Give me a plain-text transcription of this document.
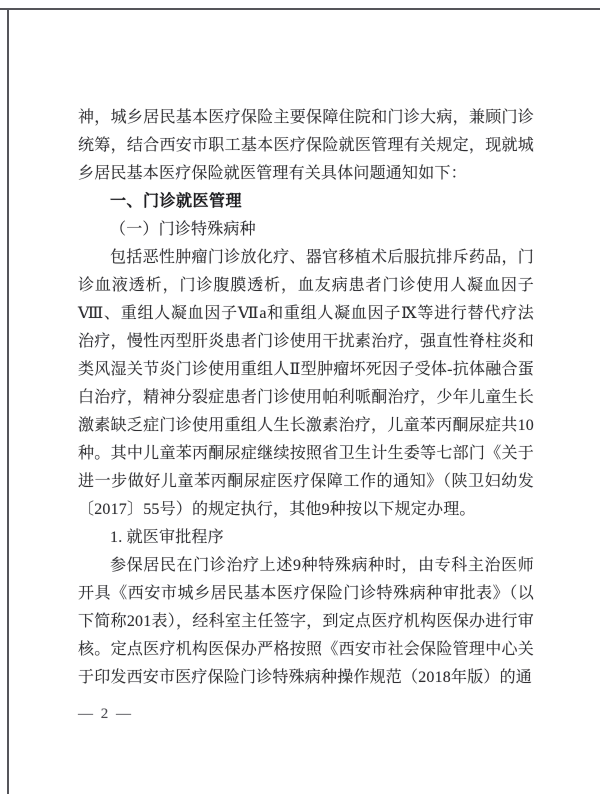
神，城乡居民基本医疗保险主要保障住院和门诊大病，兼顾门诊统筹，结合西安市职工基本医疗保险就医管理有关规定，现就城乡居民基本医疗保险就医管理有关具体问题通知如下：

一、门诊就医管理

（一）门诊特殊病种

包括恶性肿瘤门诊放化疗、器官移植术后服抗排斥药品，门诊血液透析，门诊腹膜透析，血友病患者门诊使用人凝血因子Ⅷ、重组人凝血因子Ⅶa和重组人凝血因子Ⅸ等进行替代疗法治疗，慢性丙型肝炎患者门诊使用干扰素治疗，强直性脊柱炎和类风湿关节炎门诊使用重组人Ⅱ型肿瘤坏死因子受体-抗体融合蛋白治疗，精神分裂症患者门诊使用帕利哌酮治疗，少年儿童生长激素缺乏症门诊使用重组人生长激素治疗，儿童苯丙酮尿症共10种。其中儿童苯丙酮尿症继续按照省卫生计生委等七部门《关于进一步做好儿童苯丙酮尿症医疗保障工作的通知》（陕卫妇幼发〔2017〕55号）的规定执行，其他9种按以下规定办理。

1. 就医审批程序

参保居民在门诊治疗上述9种特殊病种时，由专科主治医师开具《西安市城乡居民基本医疗保险门诊特殊病种审批表》（以下简称201表），经科室主任签字，到定点医疗机构医保办进行审核。定点医疗机构医保办严格按照《西安市社会保险管理中心关于印发西安市医疗保险门诊特殊病种操作规范（2018年版）的通

— 2 —
